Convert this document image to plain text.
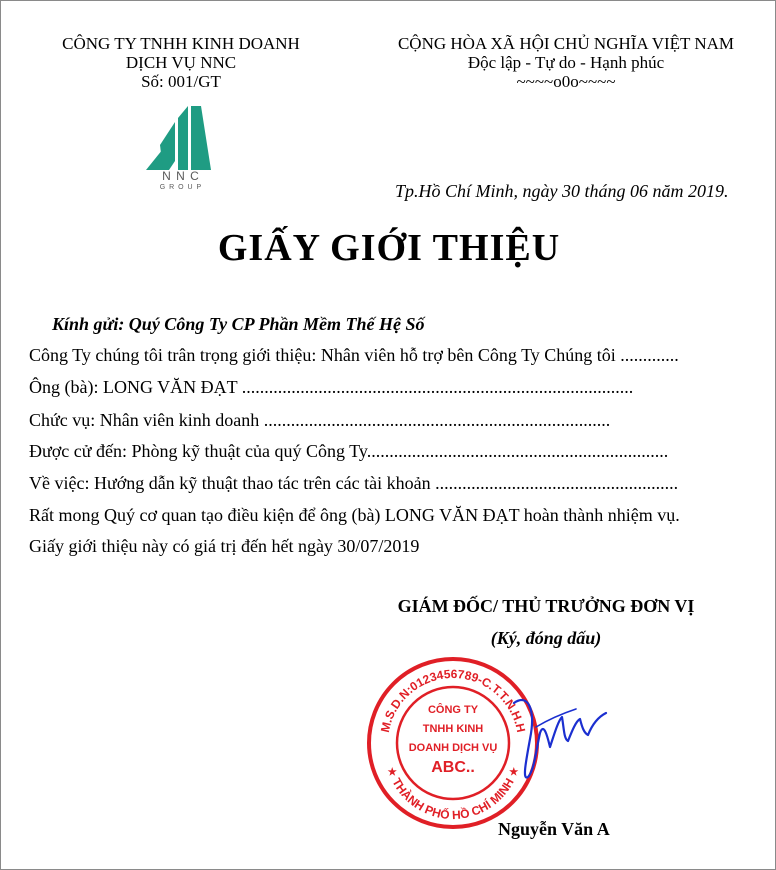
CÔNG TY TNHH KINH DOANH
DỊCH VỤ NNC
Số: 001/GT
CỘNG HÒA XÃ HỘI CHỦ NGHĨA VIỆT NAM
Độc lập - Tự do - Hạnh phúc
~~~~o0o~~~~
N N C
G R O U P	Tp.Hồ Chí Minh, ngày 30 tháng 06 năm 2019.
GIẤY GIỚI THIỆU
Kính gửi: Quý Công Ty CP Phần Mềm Thế Hệ Số
Công Ty chúng tôi trân trọng giới thiệu: Nhân viên hỗ trợ bên Công Ty Chúng tôi .............
Ông (bà): LONG VĂN ĐẠT .......................................................................................
Chức vụ: Nhân viên kinh doanh .............................................................................
Được cử đến: Phòng kỹ thuật của quý Công Ty...................................................................
Về việc: Hướng dẫn kỹ thuật thao tác trên các tài khoản ......................................................
Rất mong Quý cơ quan tạo điều kiện để ông (bà) LONG VĂN ĐẠT hoàn thành nhiệm vụ.
Giấy giới thiệu này có giá trị đến hết ngày 30/07/2019
GIÁM ĐỐC/ THỦ TRƯỞNG ĐƠN VỊ
(Ký, đóng dấu)
M.S.D.N:0123456789-C.T.T.N.H.H
★ THÀNH PHỐ HỒ CHÍ MINH ★
CÔNG TY
TNHH KINH
DOANH DỊCH VỤ
ABC..
Nguyễn Văn A
